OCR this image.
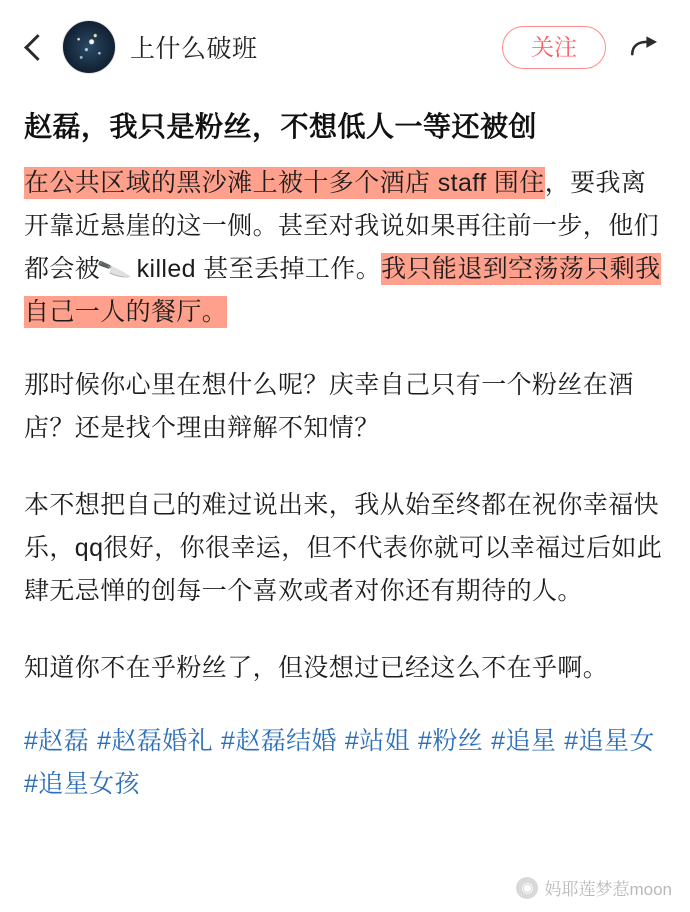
上什么破班	关注
赵磊，我只是粉丝，不想低人一等还被创

在公共区域的黑沙滩上被十多个酒店 staff 围住，要我离开靠近悬崖的这一侧。甚至对我说如果再往前一步，他们都会被🔪 killed 甚至丢掉工作。我只能退到空荡荡只剩我自己一人的餐厅。

那时候你心里在想什么呢？庆幸自己只有一个粉丝在酒店？还是找个理由辩解不知情？

本不想把自己的难过说出来，我从始至终都在祝你幸福快乐，qq很好，你很幸运，但不代表你就可以幸福过后如此肆无忌惮的创每一个喜欢或者对你还有期待的人。

知道你不在乎粉丝了，但没想过已经这么不在乎啊。

#赵磊 #赵磊婚礼 #赵磊结婚 #站姐 #粉丝 #追星 #追星女#追星女孩

◉ 妈耶莲梦惹moon
